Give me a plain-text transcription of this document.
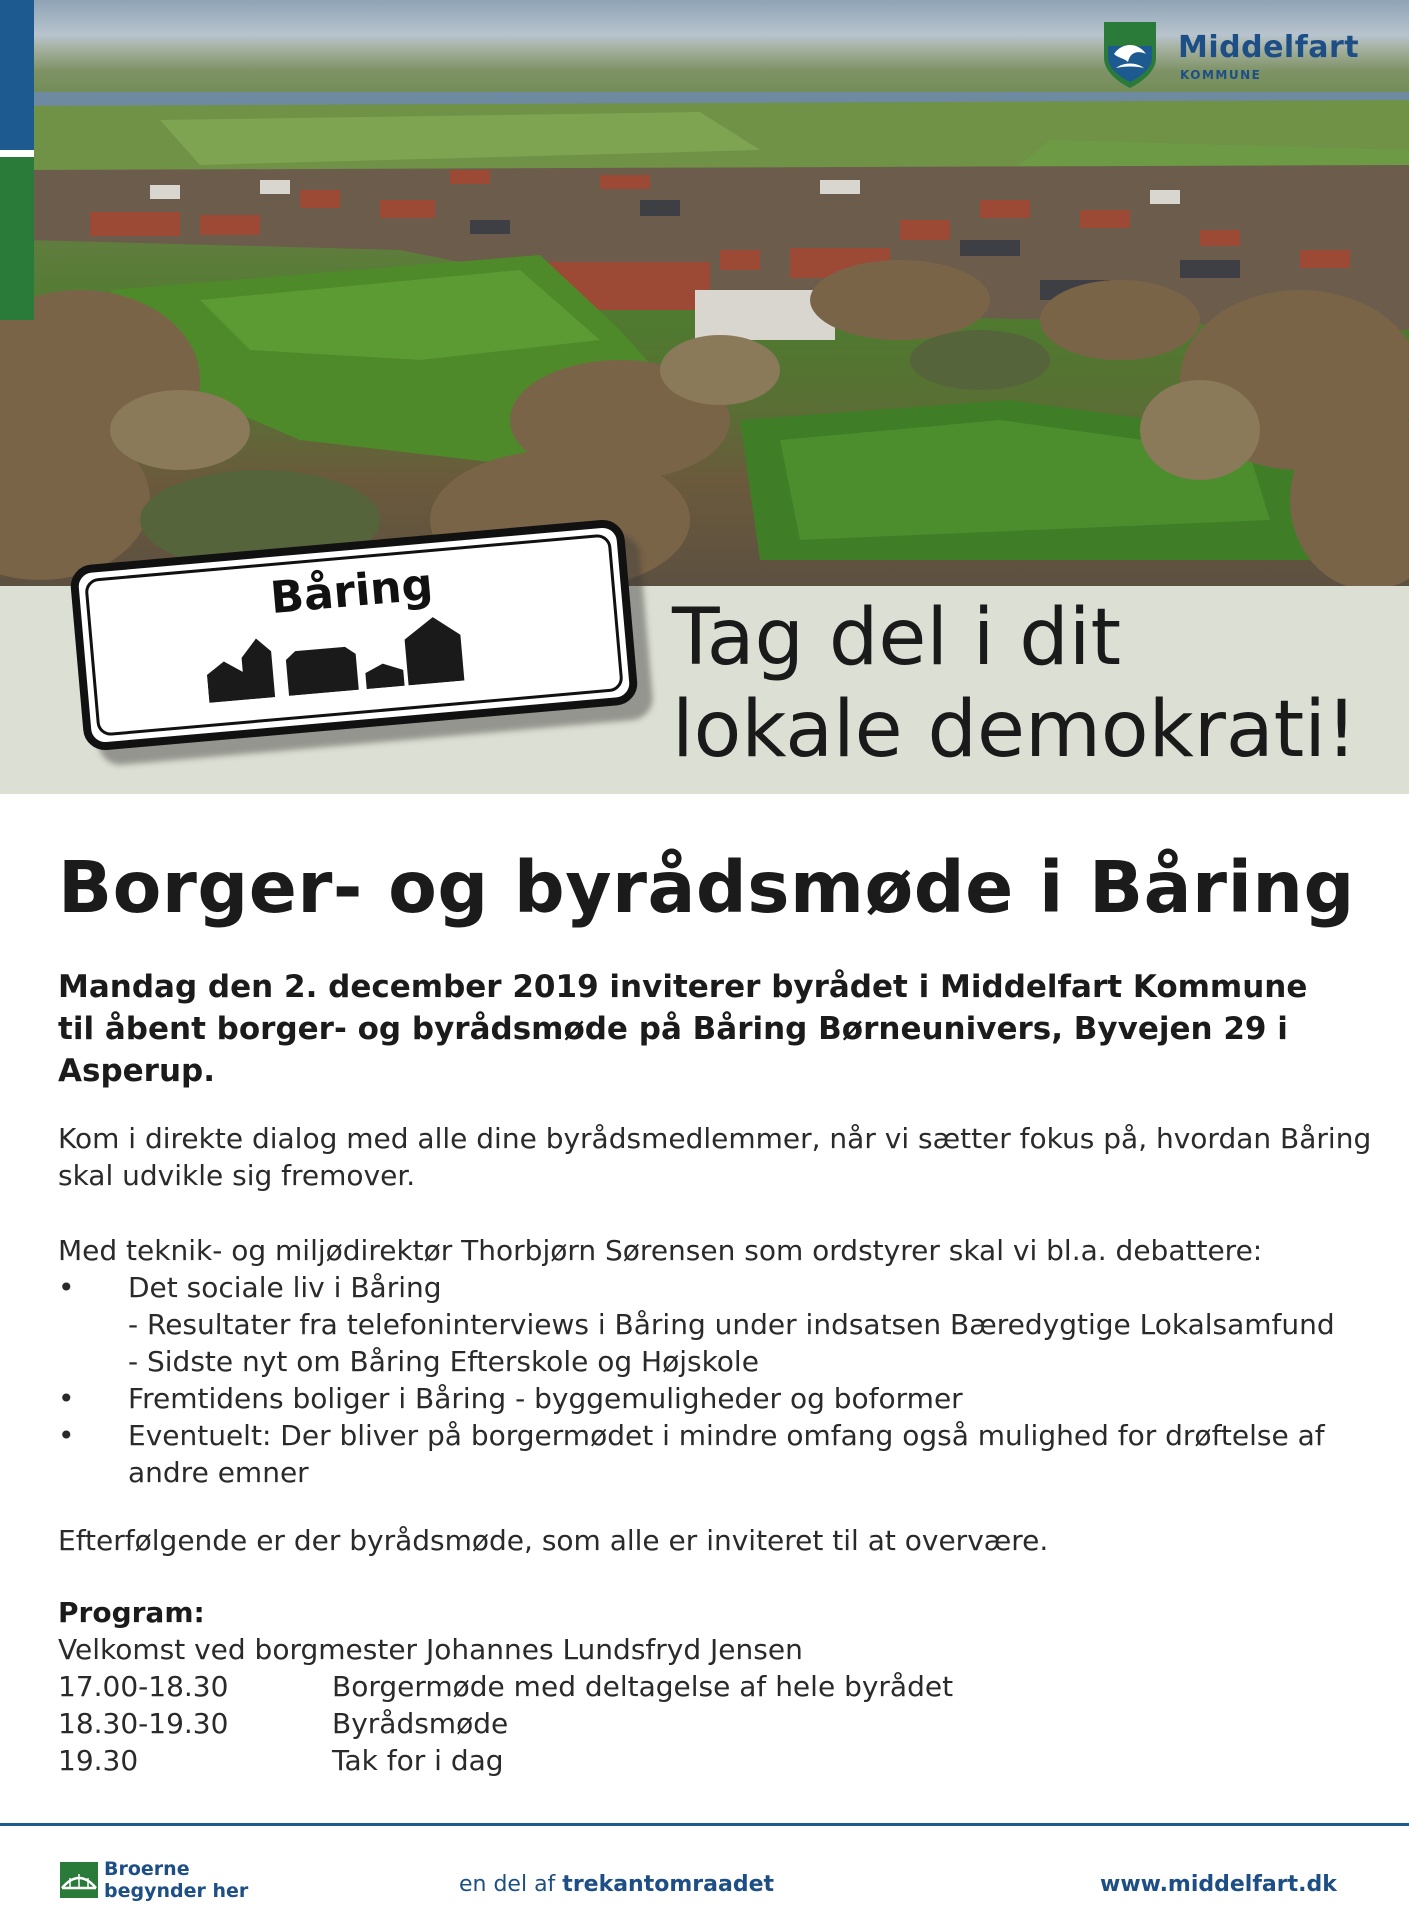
Middelfart
KOMMUNE
Tag del i dit
lokale demokrati!
Båring
Borger- og byrådsmøde i Båring
Mandag den 2. december 2019 inviterer byrådet i Middelfart Kommune
til åbent borger- og byrådsmøde på Båring Børneunivers, Byvejen 29 i
Asperup.
Kom i direkte dialog med alle dine byrådsmedlemmer, når vi sætter fokus på, hvordan Båring
skal udvikle sig fremover.
Med teknik- og miljødirektør Thorbjørn Sørensen som ordstyrer skal vi bl.a. debattere:
• Det sociale liv i Båring
- Resultater fra telefoninterviews i Båring under indsatsen Bæredygtige Lokalsamfund
- Sidste nyt om Båring Efterskole og Højskole
• Fremtidens boliger i Båring - byggemuligheder og boformer
• Eventuelt: Der bliver på borgermødet i mindre omfang også mulighed for drøftelse af
andre emner
Efterfølgende er der byrådsmøde, som alle er inviteret til at overvære.
Program:
Velkomst ved borgmester Johannes Lundsfryd Jensen
17.00-18.30	Borgermøde med deltagelse af hele byrådet
18.30-19.30	Byrådsmøde
19.30	Tak for i dag
Broerne
begynder her	en del af trekantomraadet	www.middelfart.dk
